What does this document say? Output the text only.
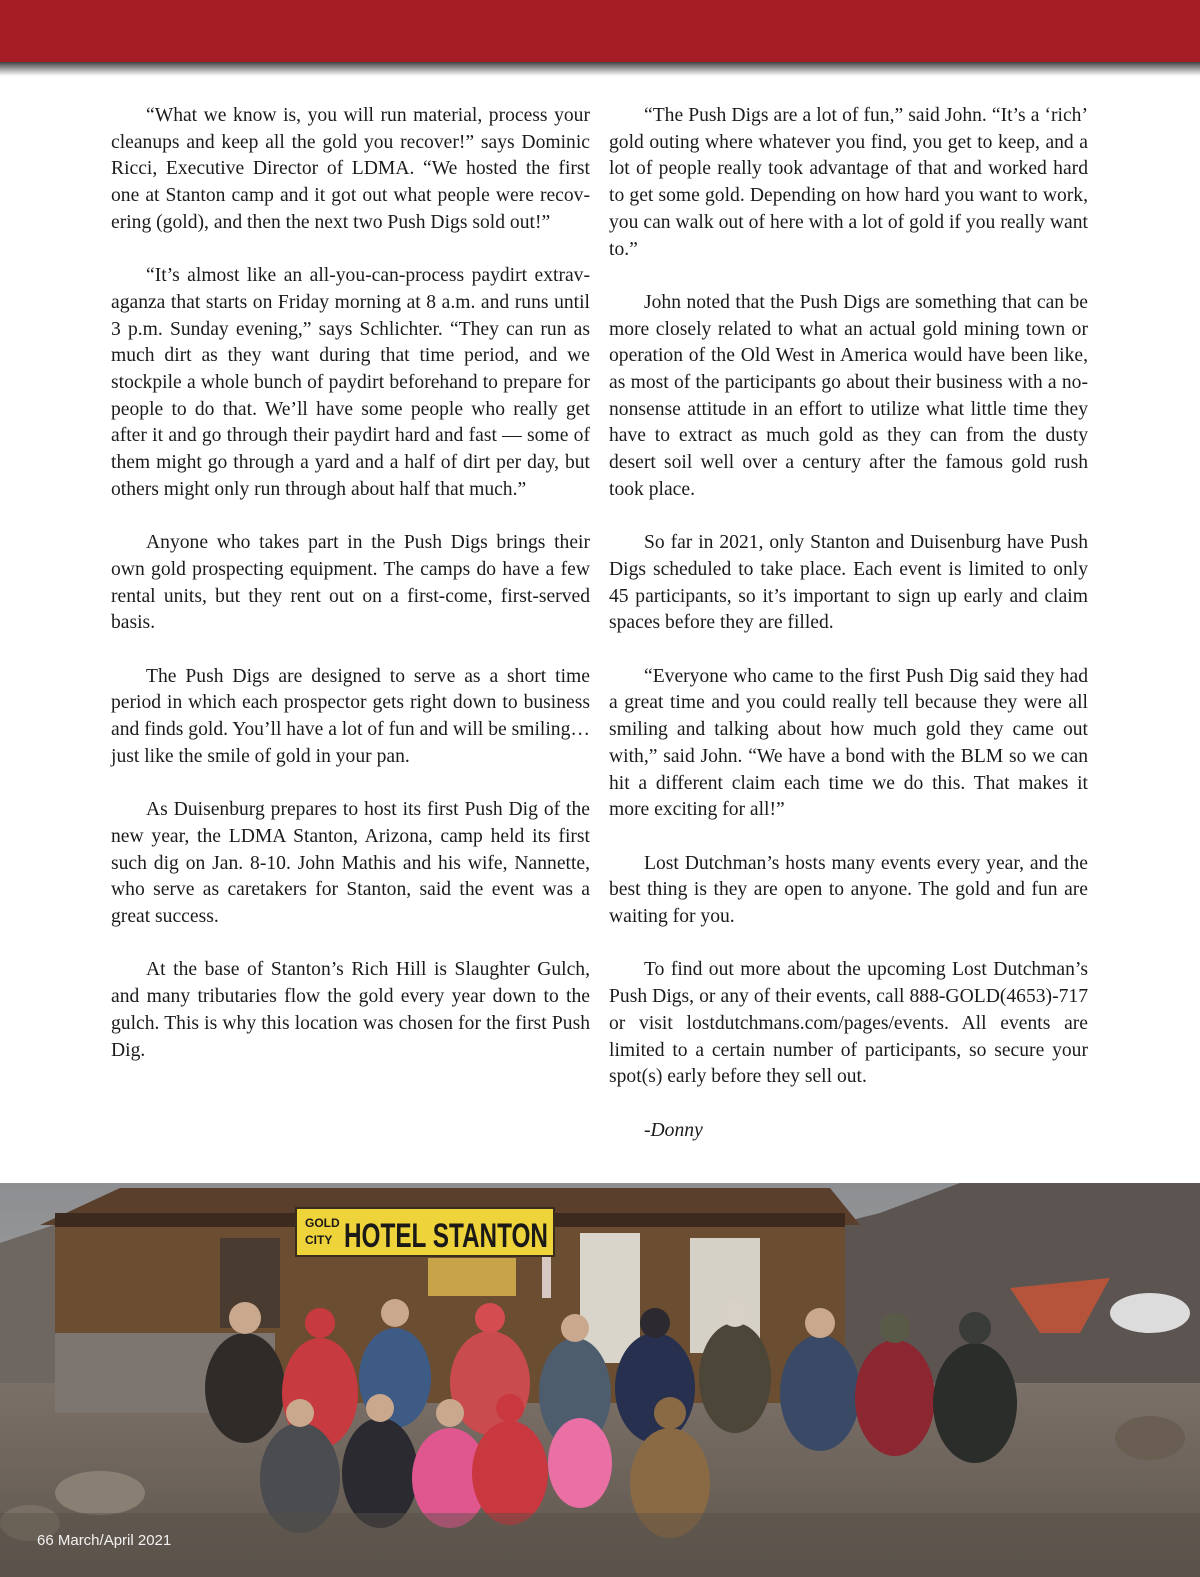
“What we know is, you will run material, process your cleanups and keep all the gold you recover!” says Dominic Ricci, Executive Director of LDMA. “We hosted the first one at Stanton camp and it got out what people were recovering (gold), and then the next two Push Digs sold out!”

“It’s almost like an all-you-can-process paydirt extravaganza that starts on Friday morning at 8 a.m. and runs until 3 p.m. Sunday evening,” says Schlichter. “They can run as much dirt as they want during that time period, and we stockpile a whole bunch of paydirt beforehand to prepare for people to do that. We’ll have some people who really get after it and go through their paydirt hard and fast — some of them might go through a yard and a half of dirt per day, but others might only run through about half that much.”

Anyone who takes part in the Push Digs brings their own gold prospecting equipment. The camps do have a few rental units, but they rent out on a first-come, first-served basis.

The Push Digs are designed to serve as a short time period in which each prospector gets right down to business and finds gold. You’ll have a lot of fun and will be smiling…just like the smile of gold in your pan.

As Duisenburg prepares to host its first Push Dig of the new year, the LDMA Stanton, Arizona, camp held its first such dig on Jan. 8-10. John Mathis and his wife, Nannette, who serve as caretakers for Stanton, said the event was a great success.

At the base of Stanton’s Rich Hill is Slaughter Gulch, and many tributaries flow the gold every year down to the gulch. This is why this location was chosen for the first Push Dig.

“The Push Digs are a lot of fun,” said John. “It’s a ‘rich’ gold outing where whatever you find, you get to keep, and a lot of people really took advantage of that and worked hard to get some gold. Depending on how hard you want to work, you can walk out of here with a lot of gold if you really want to.”

John noted that the Push Digs are something that can be more closely related to what an actual gold mining town or operation of the Old West in America would have been like, as most of the participants go about their business with a no-nonsense attitude in an effort to utilize what little time they have to extract as much gold as they can from the dusty desert soil well over a century after the famous gold rush took place.

So far in 2021, only Stanton and Duisenburg have Push Digs scheduled to take place. Each event is limited to only 45 participants, so it’s important to sign up early and claim spaces before they are filled.

“Everyone who came to the first Push Dig said they had a great time and you could really tell because they were all smiling and talking about how much gold they came out with,” said John. “We have a bond with the BLM so we can hit a different claim each time we do this. That makes it more exciting for all!”

Lost Dutchman’s hosts many events every year, and the best thing is they are open to anyone. The gold and fun are waiting for you.

To find out more about the upcoming Lost Dutchman’s Push Digs, or any of their events, call 888-GOLD(4653)-717 or visit lostdutchmans.com/pages/events. All events are limited to a certain number of participants, so secure your spot(s) early before they sell out.

-Donny

GOLD
CITY HOTEL STANTON
66 March/April 2021
